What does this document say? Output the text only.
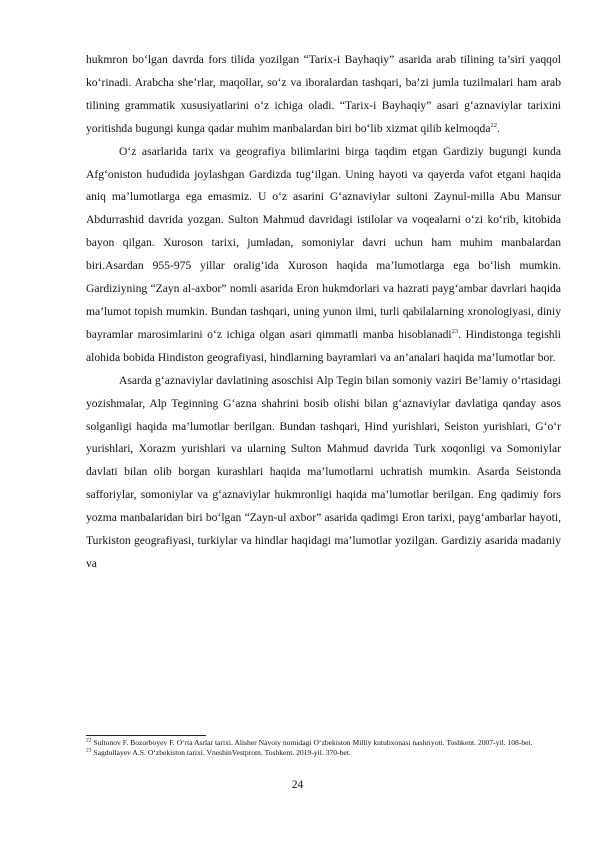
hukmron bo‘lgan davrda fors tilida yozilgan “Tarix-i Bayhaqiy” asarida arab tilining ta’siri yaqqol ko‘rinadi. Arabcha she’rlar, maqollar, so‘z va iboralardan tashqari, ba’zi jumla tuzilmalari ham arab tilining grammatik xususiyatlarini o‘z ichiga oladi. “Tarix-i Bayhaqiy” asari g‘aznaviylar tarixini yoritishda bugungi kunga qadar muhim manbalardan biri bo‘lib xizmat qilib kelmoqda$^{22}$.

O‘z asarlarida tarix va geografiya bilimlarini birga taqdim etgan Gardiziy bugungi kunda Afg‘oniston hududida joylashgan Gardizda tug‘ilgan. Uning hayoti va qayerda vafot etgani haqida aniq ma’lumotlarga ega emasmiz. U o‘z asarini G‘aznaviylar sultoni Zaynul-milla Abu Mansur Abdurrashid davrida yozgan. Sulton Mahmud davridagi istilolar va voqealarni o‘zi ko‘rib, kitobida bayon qilgan. Xuroson tarixi, jumladan, somoniylar davri uchun ham muhim manbalardan biri.Asardan 955-975 yillar oralig‘ida Xuroson haqida ma’lumotlarga ega bo‘lish mumkin. Gardiziyning “Zayn al-axbor” nomli asarida Eron hukmdorlari va hazrati payg‘ambar davrlari haqida ma’lumot topish mumkin. Bundan tashqari, uning yunon ilmi, turli qabilalarning xronologiyasi, diniy bayramlar marosimlarini o‘z ichiga olgan asari qimmatli manba hisoblanadi$^{23}$. Hindistonga tegishli alohida bobida Hindiston geografiyasi, hindlarning bayramlari va an’analari haqida ma’lumotlar bor.

Asarda g‘aznaviylar davlatining asoschisi Alp Tegin bilan somoniy vaziri Be’lamiy o‘rtasidagi yozishmalar, Alp Teginning G‘azna shahrini bosib olishi bilan g‘aznaviylar davlatiga qanday asos solganligi haqida ma’lumotlar berilgan. Bundan tashqari, Hind yurishlari, Seiston yurishlari, G‘o‘r yurishlari, Xorazm yurishlari va ularning Sulton Mahmud davrida Turk xoqonligi va Somoniylar davlati bilan olib borgan kurashlari haqida ma’lumotlarni uchratish mumkin. Asarda Seistonda safforiylar, somoniylar va g‘aznaviylar hukmronligi haqida ma’lumotlar berilgan. Eng qadimiy fors yozma manbalaridan biri bo‘lgan “Zayn-ul axbor” asarida qadimgi Eron tarixi, payg‘ambarlar hayoti, Turkiston geografiyasi, turkiylar va hindlar haqidagi ma’lumotlar yozilgan. Gardiziy asarida madaniy va

$^{22}$ Sultonov F. Bozorboyev F. O‘rta Asrlar tarixi. Alisher Navoiy nomidagi O‘zbekiston Milliy kutubxonasi nashriyoti. Toshkent. 2007-yil. 108-bet.

$^{23}$ Sagdullayev A.S. O‘zbekiston tarixi. VneshinVestprom. Toshkent. 2019-yil. 370-bet.

24
